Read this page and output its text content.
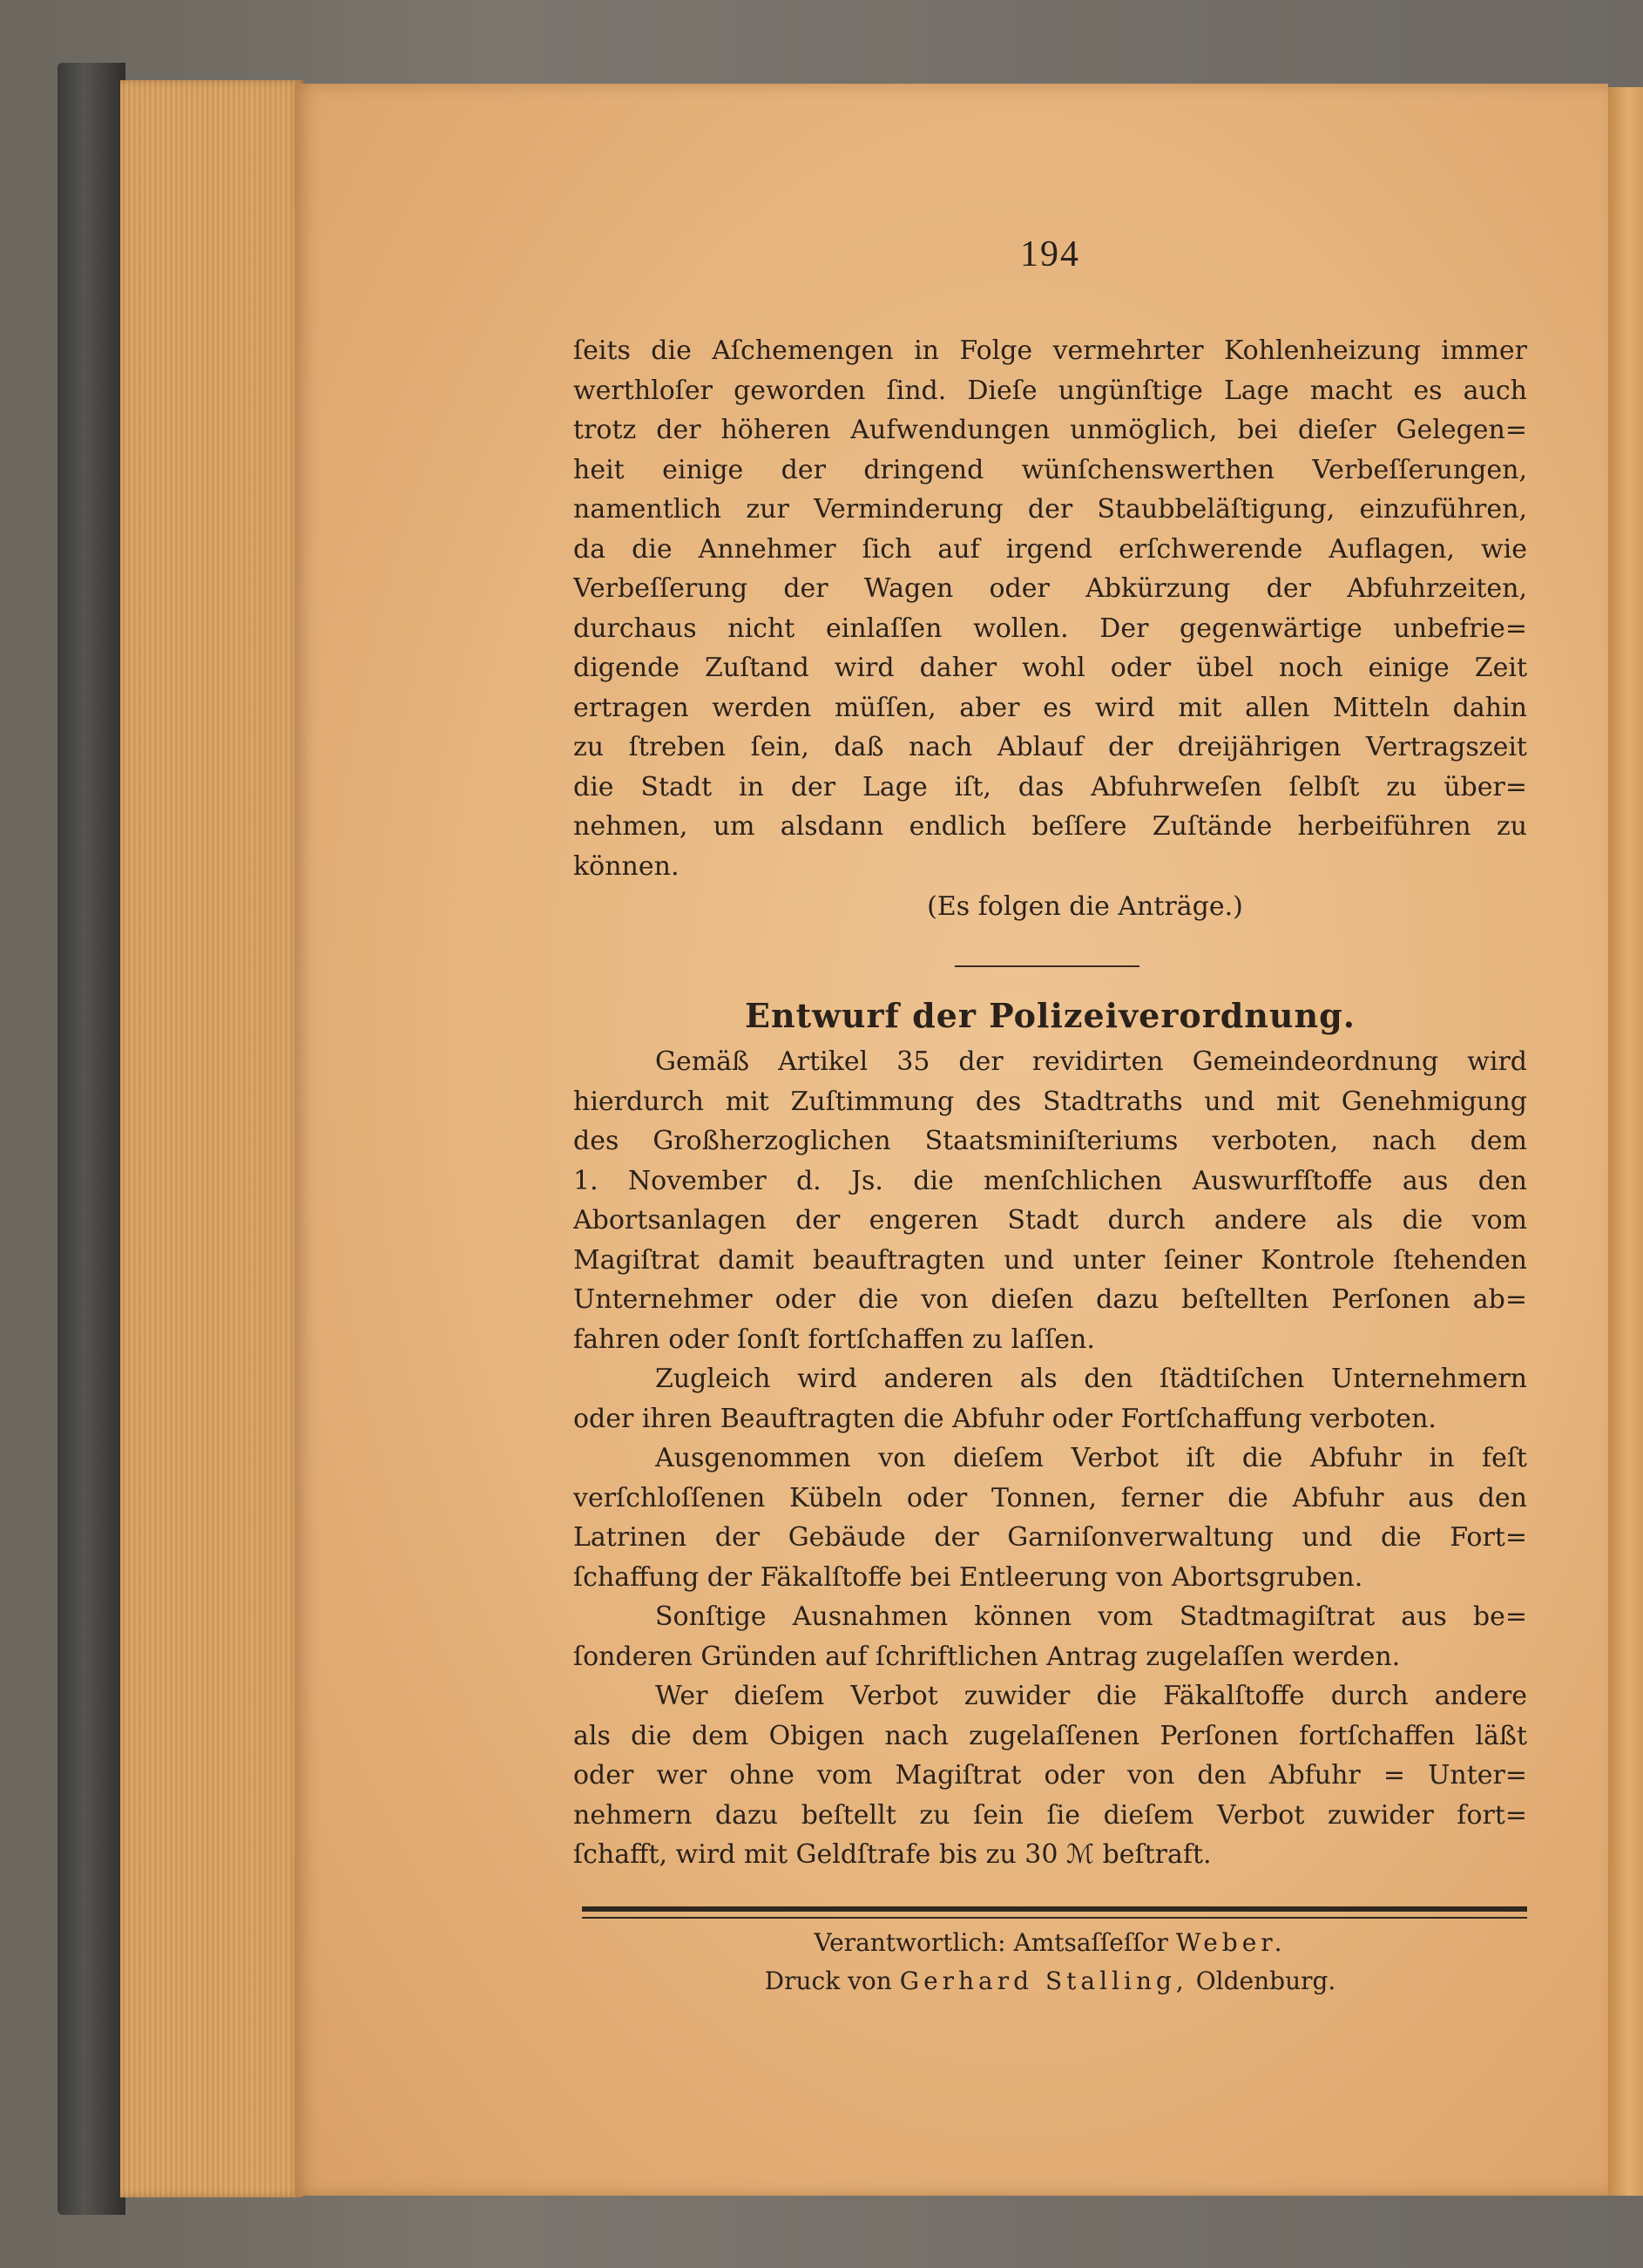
194
ſeits die Aſchemengen in Folge vermehrter Kohlenheizung immer
werthloſer geworden ſind. Dieſe ungünſtige Lage macht es auch
trotz der höheren Aufwendungen unmöglich, bei dieſer Gelegen=
heit einige der dringend wünſchenswerthen Verbeſſerungen,
namentlich zur Verminderung der Staubbeläſtigung, einzuführen,
da die Annehmer ſich auf irgend erſchwerende Auflagen, wie
Verbeſſerung der Wagen oder Abkürzung der Abfuhrzeiten,
durchaus nicht einlaſſen wollen. Der gegenwärtige unbefrie=
digende Zuſtand wird daher wohl oder übel noch einige Zeit
ertragen werden müſſen, aber es wird mit allen Mitteln dahin
zu ſtreben ſein, daß nach Ablauf der dreijährigen Vertragszeit
die Stadt in der Lage iſt, das Abfuhrweſen ſelbſt zu über=
nehmen, um alsdann endlich beſſere Zuſtände herbeiführen zu
können.
(Es folgen die Anträge.)
Entwurf der Polizeiverordnung.
Gemäß Artikel 35 der revidirten Gemeindeordnung wird
hierdurch mit Zuſtimmung des Stadtraths und mit Genehmigung
des Großherzoglichen Staatsminiſteriums verboten, nach dem
1. November d. Js. die menſchlichen Auswurfſtoffe aus den
Abortsanlagen der engeren Stadt durch andere als die vom
Magiſtrat damit beauftragten und unter ſeiner Kontrole ſtehenden
Unternehmer oder die von dieſen dazu beſtellten Perſonen ab=
fahren oder ſonſt fortſchaffen zu laſſen.
Zugleich wird anderen als den ſtädtiſchen Unternehmern
oder ihren Beauftragten die Abfuhr oder Fortſchaffung verboten.
Ausgenommen von dieſem Verbot iſt die Abfuhr in feſt
verſchloſſenen Kübeln oder Tonnen, ferner die Abfuhr aus den
Latrinen der Gebäude der Garniſonverwaltung und die Fort=
ſchaffung der Fäkalſtoffe bei Entleerung von Abortsgruben.
Sonſtige Ausnahmen können vom Stadtmagiſtrat aus be=
ſonderen Gründen auf ſchriftlichen Antrag zugelaſſen werden.
Wer dieſem Verbot zuwider die Fäkalſtoffe durch andere
als die dem Obigen nach zugelaſſenen Perſonen fortſchaffen läßt
oder wer ohne vom Magiſtrat oder von den Abfuhr = Unter=
nehmern dazu beſtellt zu ſein ſie dieſem Verbot zuwider fort=
ſchafft, wird mit Geldſtrafe bis zu 30 ℳ beſtraft.
Verantwortlich: Amtsaſſeſſor Weber.
Druck von Gerhard Stalling, Oldenburg.
